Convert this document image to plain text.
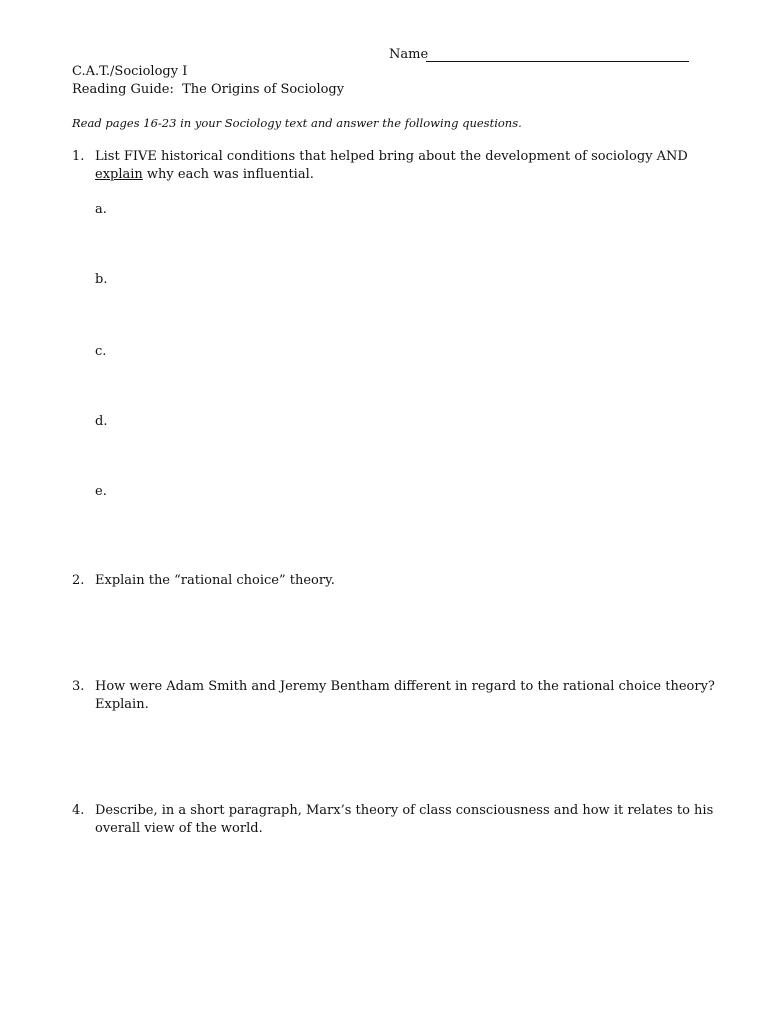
Name
C.A.T./Sociology I
Reading Guide: The Origins of Sociology
Read pages 16-23 in your Sociology text and answer the following questions.
1. List FIVE historical conditions that helped bring about the development of sociology AND
explain why each was influential.
a.
b.
c.
d.
e.
2. Explain the “rational choice” theory.
3. How were Adam Smith and Jeremy Bentham different in regard to the rational choice theory?
Explain.
4. Describe, in a short paragraph, Marx’s theory of class consciousness and how it relates to his
overall view of the world.
